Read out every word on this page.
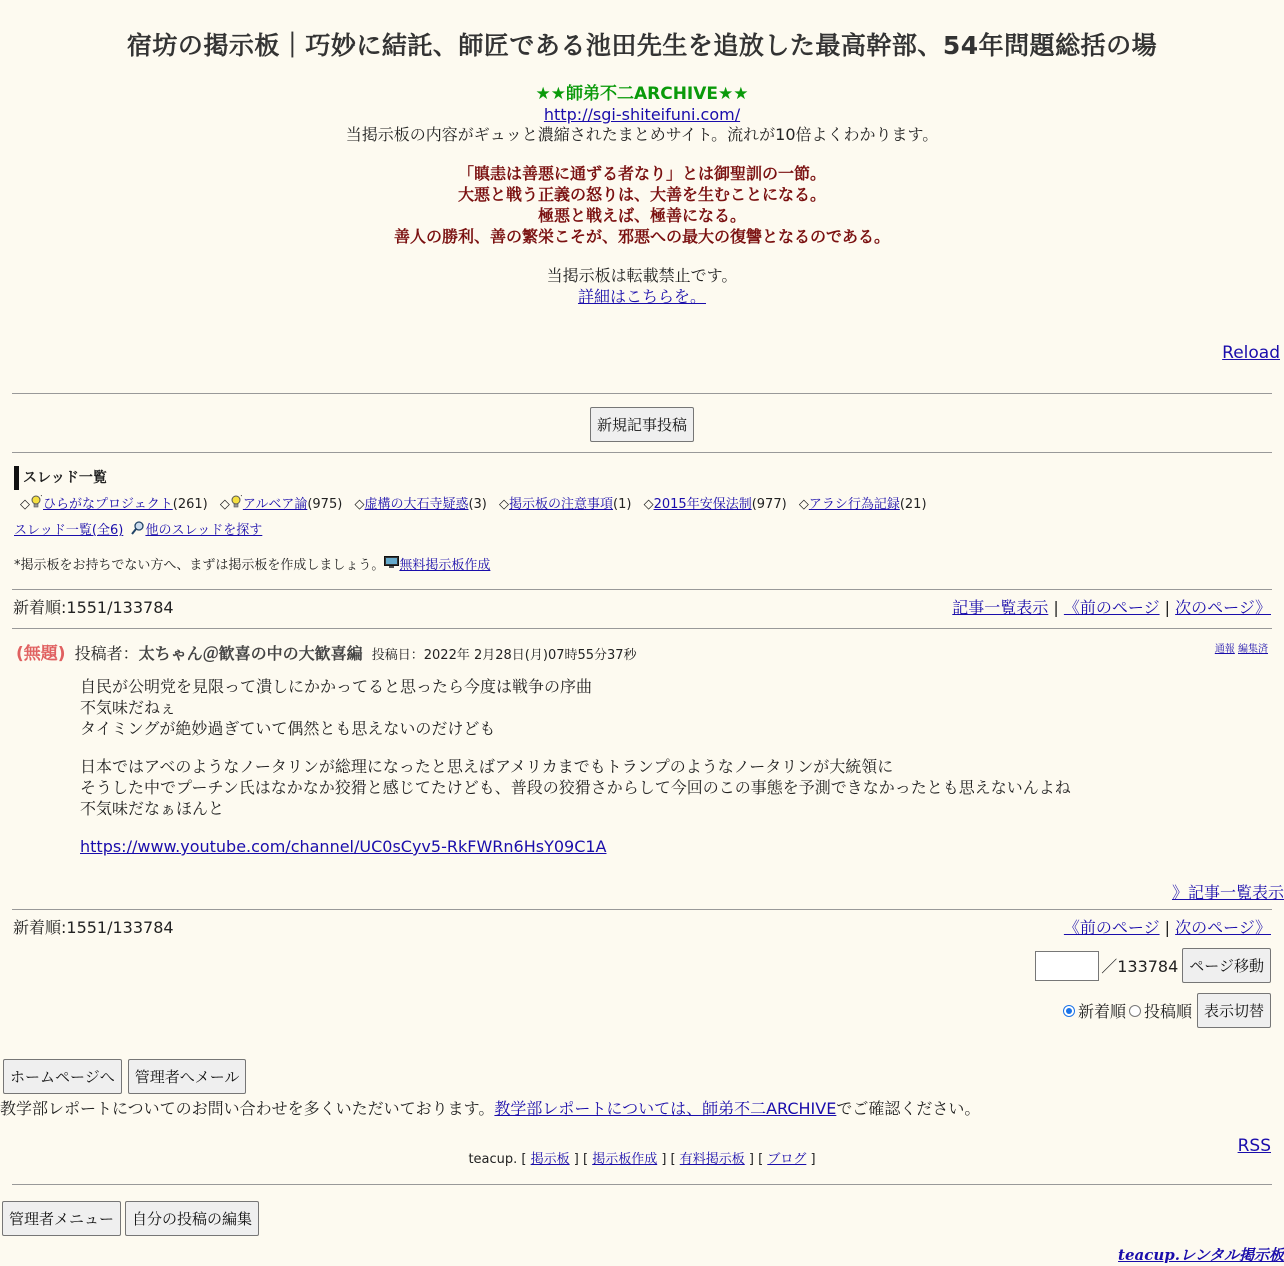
宿坊の掲示板｜巧妙に結託、師匠である池田先生を追放した最高幹部、54年問題総括の場
★★師弟不二ARCHIVE★★
http://sgi-shiteifuni.com/
当掲示板の内容がギュッと濃縮されたまとめサイト。流れが10倍よくわかります。
「瞋恚は善悪に通ずる者なり」とは御聖訓の一節。
大悪と戦う正義の怒りは、大善を生むことになる。
極悪と戦えば、極善になる。
善人の勝利、善の繁栄こそが、邪悪への最大の復讐となるのである。
当掲示板は転載禁止です。
詳細はこちらを。
Reload
新規記事投稿
スレッド一覧
◇ ひらがなプロジェクト(261) ◇ アルベア論(975) ◇虚構の大石寺疑惑(3) ◇掲示板の注意事項(1) ◇2015年安保法制(977) ◇アラシ行為記録(21)
スレッド一覧(全6) 他のスレッドを探す
*掲示板をお持ちでない方へ、まずは掲示板を作成しましょう。 無料掲示板作成
新着順:1551/133784	記事一覧表示 | 《前のページ | 次のページ》
(無題) 投稿者：太ちゃん＠歓喜の中の大歓喜編 投稿日：2022年 2月28日(月)07時55分37秒	通報 編集済

自民が公明党を見限って潰しにかかってると思ったら今度は戦争の序曲
不気味だねぇ
タイミングが絶妙過ぎていて偶然とも思えないのだけども

日本ではアベのようなノータリンが総理になったと思えばアメリカまでもトランプのようなノータリンが大統領に
そうした中でプーチン氏はなかなか狡猾と感じてたけども、普段の狡猾さからして今回のこの事態を予測できなかったとも思えないんよね
不気味だなぁほんと

https://www.youtube.com/channel/UC0sCyv5-RkFWRn6HsY09C1A

》記事一覧表示
新着順:1551/133784	《前のページ | 次のページ》
／133784 ページ移動
新着順 投稿順 表示切替
ホームページへ	管理者へメール
教学部レポートについてのお問い合わせを多くいただいております。教学部レポートについては、師弟不二ARCHIVEでご確認ください。
RSS
teacup. [ 掲示板 ] [ 掲示板作成 ] [ 有料掲示板 ] [ ブログ ]
管理者メニュー	自分の投稿の編集
teacup.レンタル掲示板
